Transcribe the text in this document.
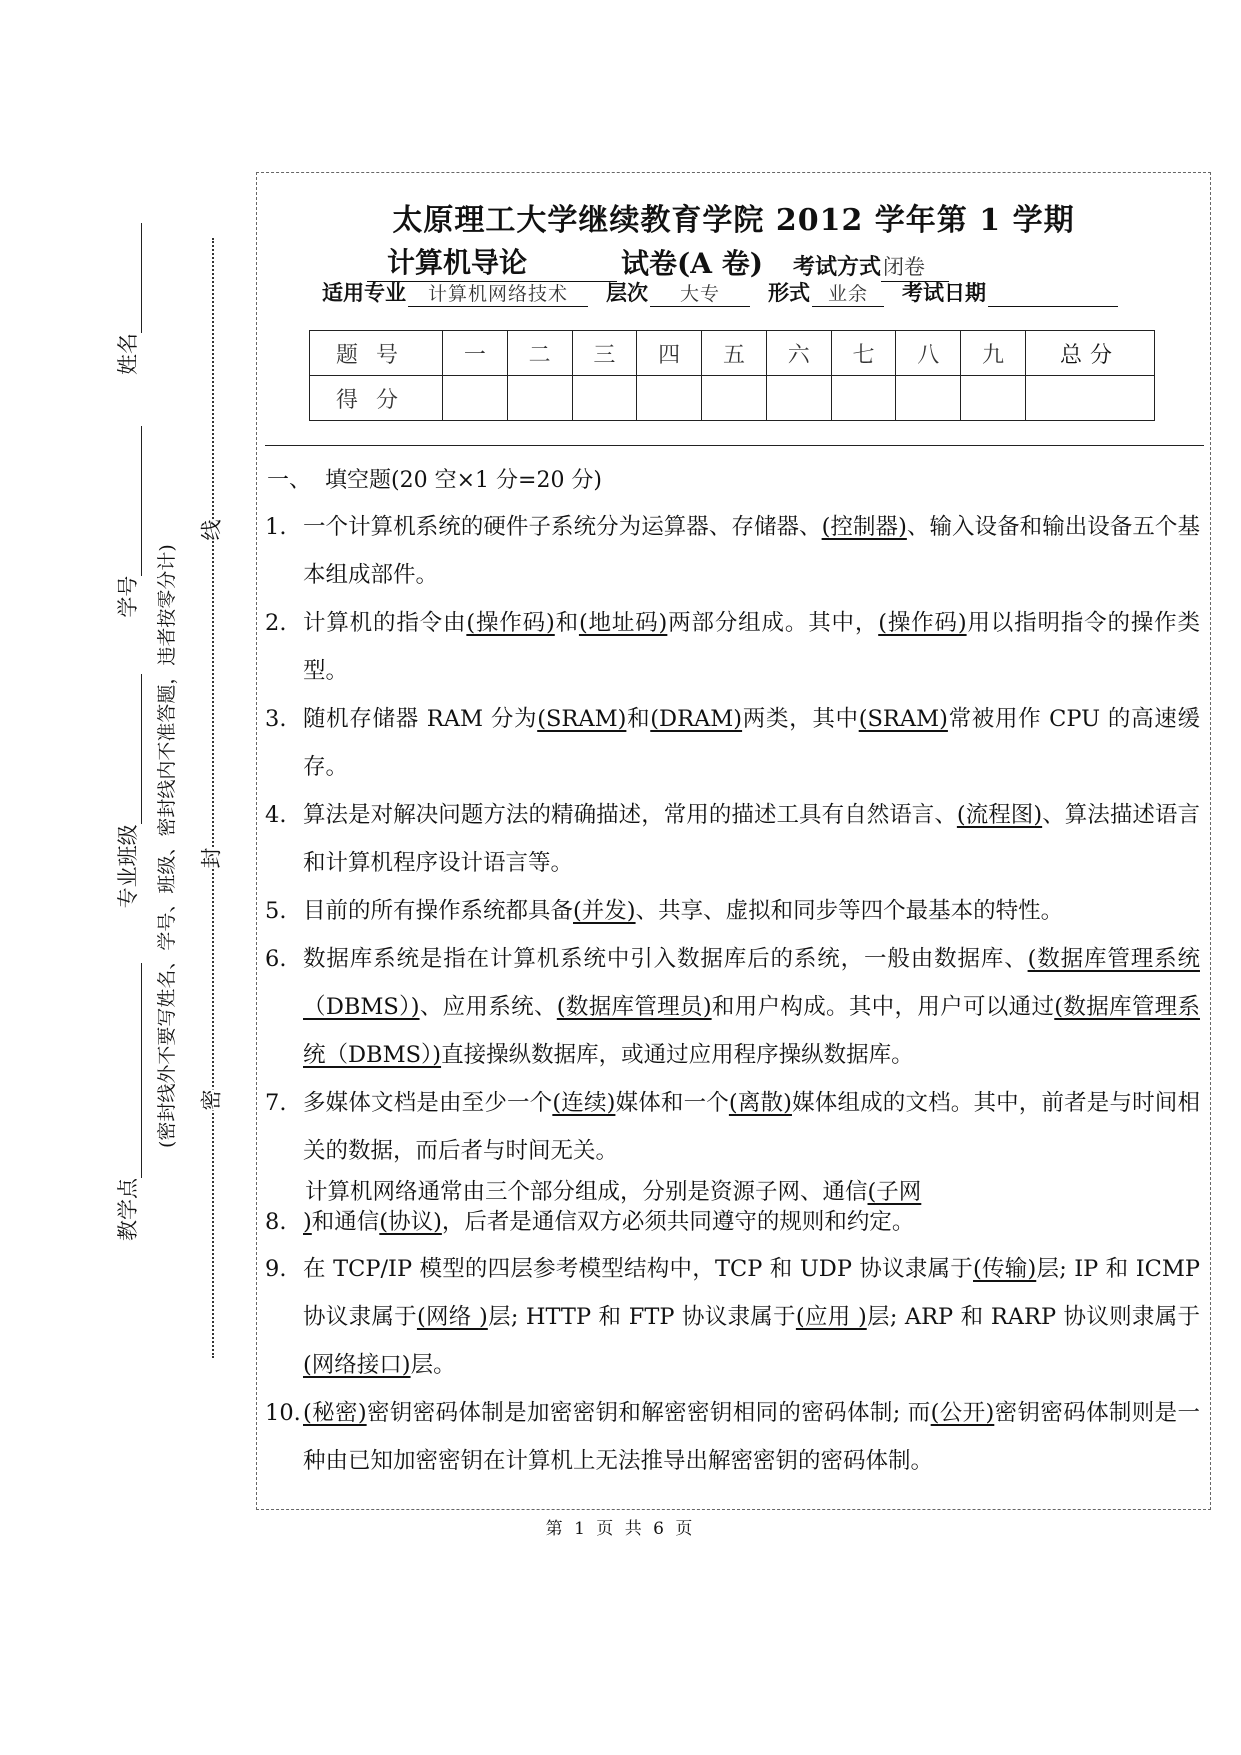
教学点

专业班级

学号

姓名
(密封线外不要写姓名、学号、班级、密封线内不准答题，违者按零分计)
线
封
密
太原理工大学继续教育学院 2012 学年第 1 学期
计算机导论	试卷(A 卷) 考试方式闭卷
适用专业	计算机网络技术	层次	大专	形式 业余	考试日期
题号	一	二	三	四	五	六	七	八	九	总分
得分										
一、 填空题(20 空×1 分=20 分)
1. 一个计算机系统的硬件子系统分为运算器、存储器、(控制器)、输入设备和输出设备五个基本组成部件。
2. 计算机的指令由(操作码)和(地址码)两部分组成。其中，(操作码)用以指明指令的操作类型。
3. 随机存储器 RAM 分为(SRAM)和(DRAM)两类，其中(SRAM)常被用作 CPU 的高速缓存。
4. 算法是对解决问题方法的精确描述，常用的描述工具有自然语言、(流程图)、算法描述语言和计算机程序设计语言等。
5. 目前的所有操作系统都具备(并发)、共享、虚拟和同步等四个最基本的特性。
6. 数据库系统是指在计算机系统中引入数据库后的系统，一般由数据库、(数据库管理系统（DBMS）)、应用系统、(数据库管理员)和用户构成。其中，用户可以通过(数据库管理系统（DBMS）)直接操纵数据库，或通过应用程序操纵数据库。
7. 多媒体文档是由至少一个(连续)媒体和一个(离散)媒体组成的文档。其中，前者是与时间相关的数据，而后者与时间无关。
计算机网络通常由三个部分组成，分别是资源子网、通信(子网
8. )和通信(协议)，后者是通信双方必须共同遵守的规则和约定。
9. 在 TCP/IP 模型的四层参考模型结构中，TCP 和 UDP 协议隶属于(传输)层; IP 和 ICMP 协议隶属于(网络 )层; HTTP 和 FTP 协议隶属于(应用 )层; ARP 和 RARP 协议则隶属于(网络接口)层。
10. (秘密)密钥密码体制是加密密钥和解密密钥相同的密码体制; 而(公开)密钥密码体制则是一种由已知加密密钥在计算机上无法推导出解密密钥的密码体制。
第 1 页 共 6 页
